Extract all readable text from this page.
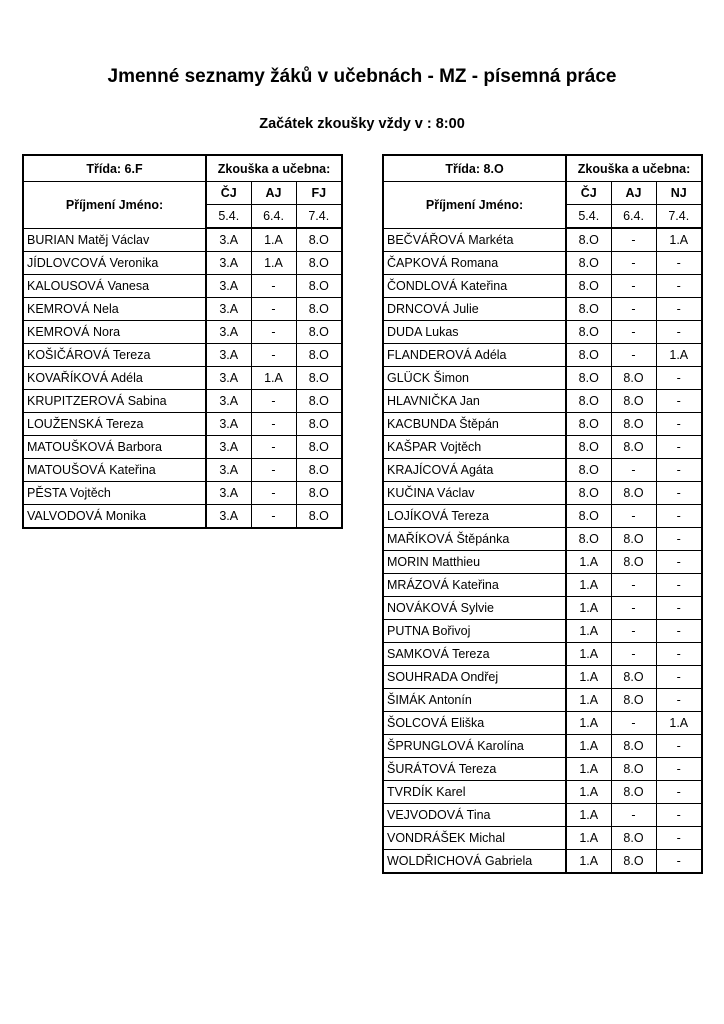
Jmenné seznamy žáků v učebnách - MZ - písemná práce
Začátek zkoušky vždy v : 8:00
Třída: 6.F	Zkouška a učebna:		
Příjmení Jméno:	ČJ	AJ	FJ
	5.4.	6.4.	7.4.
BURIAN Matěj Václav	3.A	1.A	8.O
JÍDLOVCOVÁ Veronika	3.A	1.A	8.O
KALOUSOVÁ Vanesa	3.A	-	8.O
KEMROVÁ Nela	3.A	-	8.O
KEMROVÁ Nora	3.A	-	8.O
KOŠIČÁROVÁ Tereza	3.A	-	8.O
KOVAŘÍKOVÁ Adéla	3.A	1.A	8.O
KRUPITZEROVÁ Sabina	3.A	-	8.O
LOUŽENSKÁ Tereza	3.A	-	8.O
MATOUŠKOVÁ Barbora	3.A	-	8.O
MATOUŠOVÁ Kateřina	3.A	-	8.O
PĚSTA Vojtěch	3.A	-	8.O
VALVODOVÁ Monika	3.A	-	8.O
Třída: 8.O	Zkouška a učebna:		
Příjmení Jméno:	ČJ	AJ	NJ
	5.4.	6.4.	7.4.
BEČVÁŘOVÁ Markéta	8.O	-	1.A
ČAPKOVÁ Romana	8.O	-	-
ČONDLOVÁ Kateřina	8.O	-	-
DRNCOVÁ Julie	8.O	-	-
DUDA Lukas	8.O	-	-
FLANDEROVÁ Adéla	8.O	-	1.A
GLÜCK Šimon	8.O	8.O	-
HLAVNIČKA Jan	8.O	8.O	-
KACBUNDA Štěpán	8.O	8.O	-
KAŠPAR Vojtěch	8.O	8.O	-
KRAJÍCOVÁ Agáta	8.O	-	-
KUČINA Václav	8.O	8.O	-
LOJÍKOVÁ Tereza	8.O	-	-
MAŘÍKOVÁ Štěpánka	8.O	8.O	-
MORIN Matthieu	1.A	8.O	-
MRÁZOVÁ Kateřina	1.A	-	-
NOVÁKOVÁ Sylvie	1.A	-	-
PUTNA Bořivoj	1.A	-	-
SAMKOVÁ Tereza	1.A	-	-
SOUHRADA Ondřej	1.A	8.O	-
ŠIMÁK Antonín	1.A	8.O	-
ŠOLCOVÁ Eliška	1.A	-	1.A
ŠPRUNGLOVÁ Karolína	1.A	8.O	-
ŠURÁTOVÁ Tereza	1.A	8.O	-
TVRDÍK Karel	1.A	8.O	-
VEJVODOVÁ Tina	1.A	-	-
VONDRÁŠEK Michal	1.A	8.O	-
WOLDŘICHOVÁ Gabriela	1.A	8.O	-
